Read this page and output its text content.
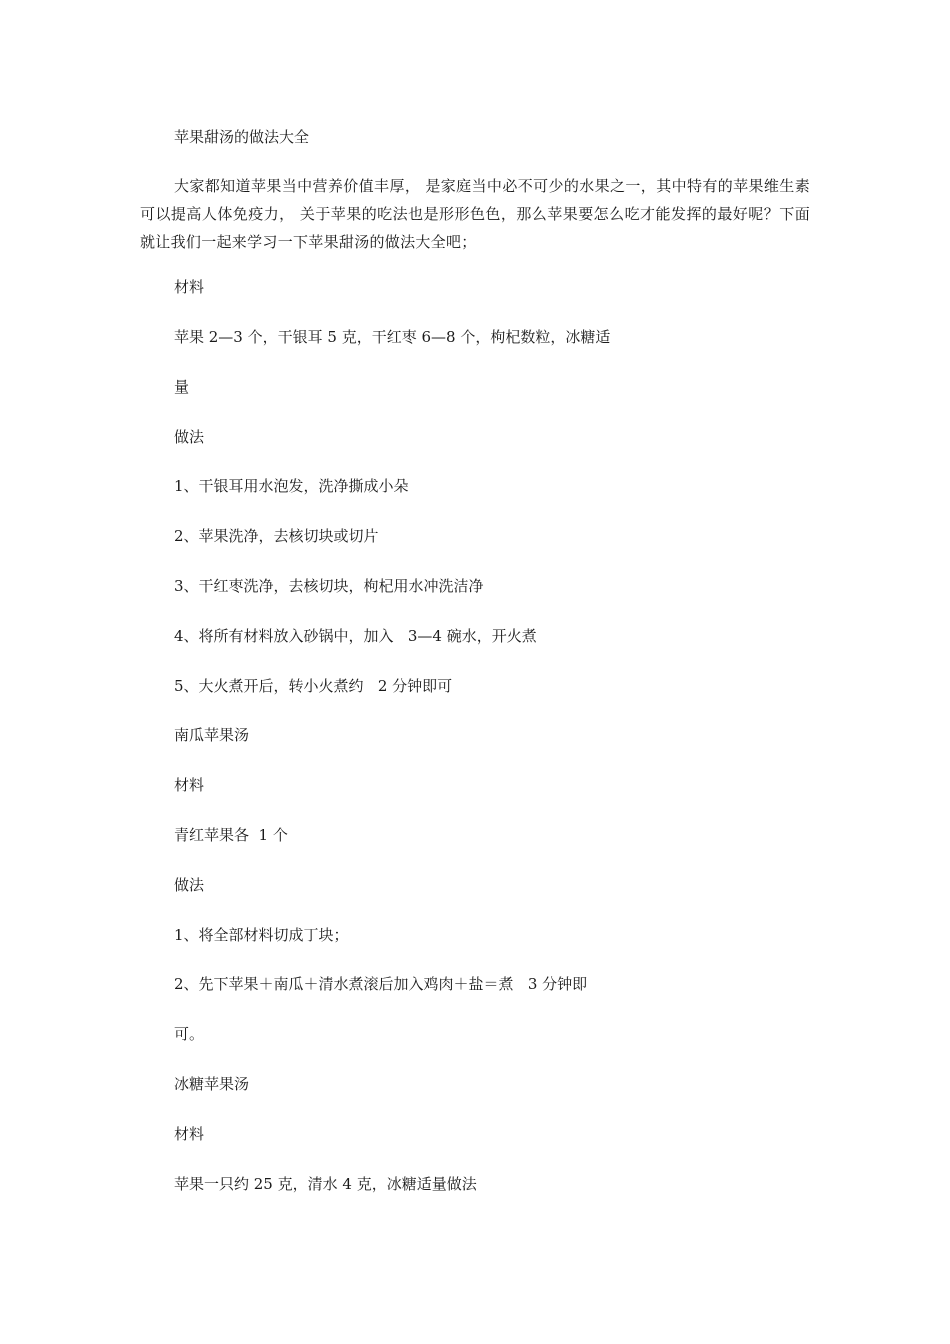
苹果甜汤的做法大全

大家都知道苹果当中营养价值丰厚， 是家庭当中必不可少的水果之一，其中特有的苹果维生素可以提高人体免疫力， 关于苹果的吃法也是形形色色，那么苹果要怎么吃才能发挥的最好呢？下面就让我们一起来学习一下苹果甜汤的做法大全吧；

材料

苹果 2—3 个，干银耳 5 克，干红枣 6—8 个，枸杞数粒，冰糖适

量

做法

1、干银耳用水泡发，洗净撕成小朵

2、苹果洗净，去核切块或切片

3、干红枣洗净，去核切块，枸杞用水冲洗洁净

4、将所有材料放入砂锅中，加入   3—4 碗水，开火煮

5、大火煮开后，转小火煮约   2 分钟即可

南瓜苹果汤

材料

青红苹果各  1 个

做法

1、将全部材料切成丁块；

2、先下苹果＋南瓜＋清水煮滚后加入鸡肉＋盐＝煮   3 分钟即

可。

冰糖苹果汤

材料

苹果一只约 25 克，清水 4 克，冰糖适量做法
